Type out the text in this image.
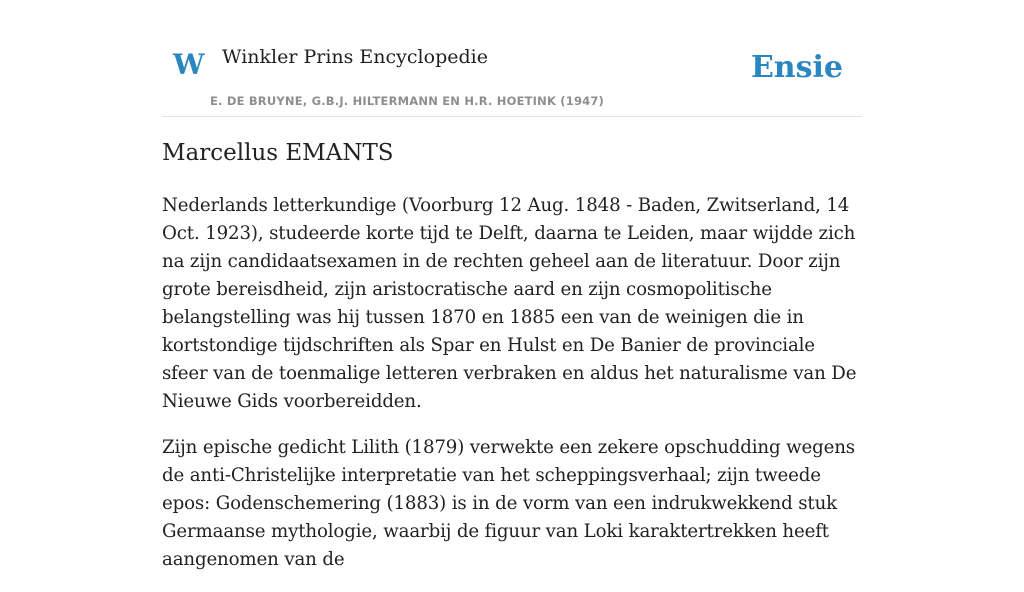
W Winkler Prins Encyclopedie
E. DE BRUYNE, G.B.J. HILTERMANN EN H.R. HOETINK (1947)
Ensie
Marcellus EMANTS

Nederlands letterkundige (Voorburg 12 Aug. 1848 - Baden, Zwitserland, 14 Oct. 1923), studeerde korte tijd te Delft, daarna te Leiden, maar wijdde zich na zijn candidaatsexamen in de rechten geheel aan de literatuur. Door zijn grote bereisdheid, zijn aristocratische aard en zijn cosmopolitische belangstelling was hij tussen 1870 en 1885 een van de weinigen die in kortstondige tijdschriften als Spar en Hulst en De Banier de provinciale sfeer van de toenmalige letteren verbraken en aldus het naturalisme van De Nieuwe Gids voorbereidden.

Zijn epische gedicht Lilith (1879) verwekte een zekere opschudding wegens de anti-Christelijke interpretatie van het scheppingsverhaal; zijn tweede epos: Godenschemering (1883) is in de vorm van een indrukwekkend stuk Germaanse mythologie, waarbij de figuur van Loki karaktertrekken heeft aangenomen van de
